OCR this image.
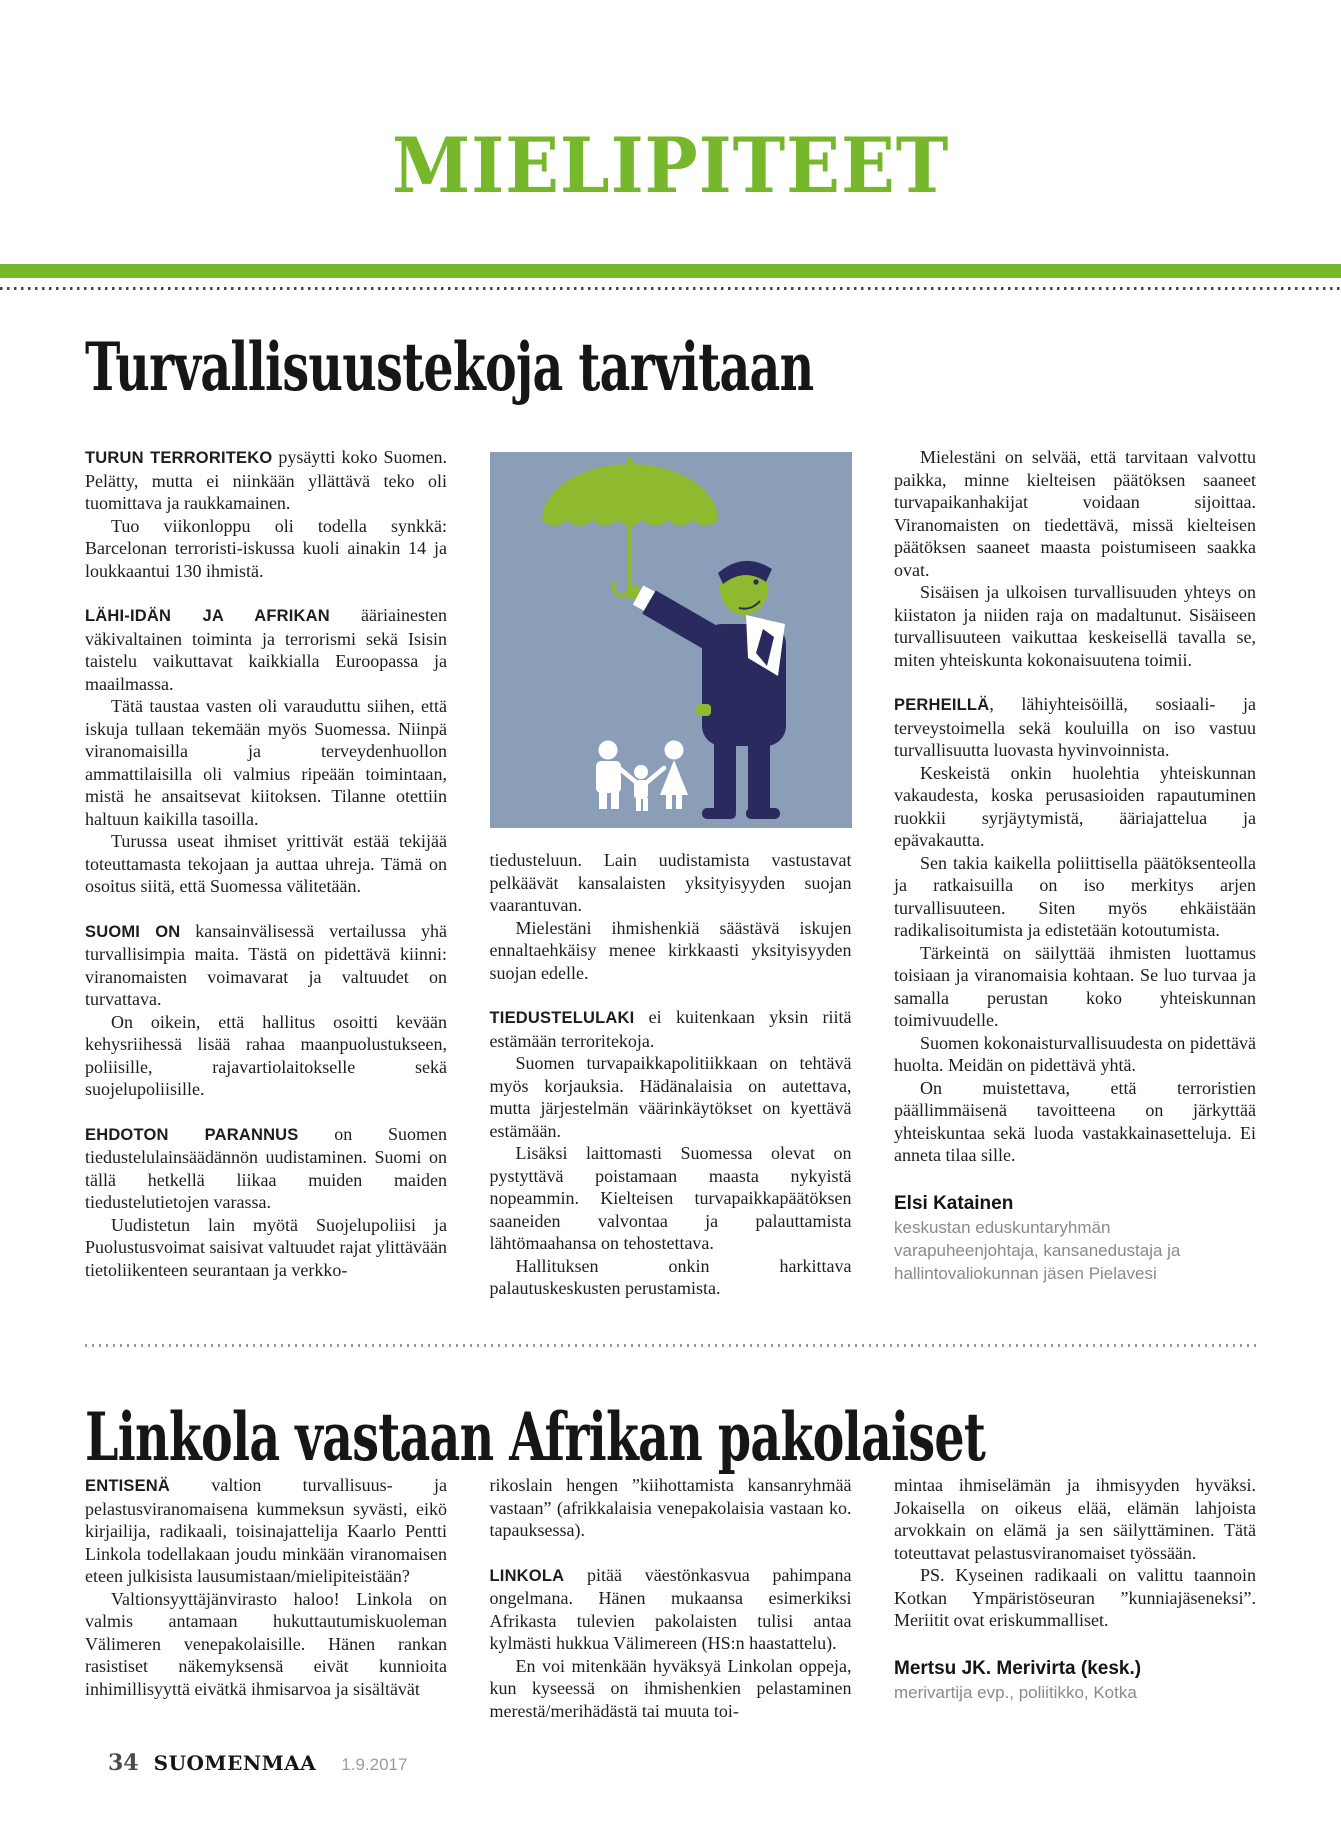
MIELIPITEET
Turvallisuustekoja tarvitaan

TURUN TERRORITEKO pysäytti koko Suomen. Pelätty, mutta ei niinkään yllättävä teko oli tuomittava ja raukkamainen.

Tuo viikonloppu oli todella synkkä: Barcelonan terroristi-iskussa kuoli ainakin 14 ja loukkaantui 130 ihmistä.

LÄHI-IDÄN JA AFRIKAN ääriainesten väkivaltainen toiminta ja terrorismi sekä Isisin taistelu vaikuttavat kaikkialla Euroopassa ja maailmassa.

Tätä taustaa vasten oli varauduttu siihen, että iskuja tullaan tekemään myös Suomessa. Niinpä viranomaisilla ja terveydenhuollon ammattilaisilla oli valmius ripeään toimintaan, mistä he ansaitsevat kiitoksen. Tilanne otettiin haltuun kaikilla tasoilla.

Turussa useat ihmiset yrittivät estää tekijää toteuttamasta tekojaan ja auttaa uhreja. Tämä on osoitus siitä, että Suomessa välitetään.

SUOMI ON kansainvälisessä vertailussa yhä turvallisimpia maita. Tästä on pidettävä kiinni: viranomaisten voimavarat ja valtuudet on turvattava.

On oikein, että hallitus osoitti kevään kehysriihessä lisää rahaa maanpuolustukseen, poliisille, rajavartiolaitokselle sekä suojelupoliisille.

EHDOTON PARANNUS on Suomen tiedustelulainsäädännön uudistaminen. Suomi on tällä hetkellä liikaa muiden maiden tiedustelutietojen varassa.

Uudistetun lain myötä Suojelupoliisi ja Puolustusvoimat saisivat valtuudet rajat ylittävään tietoliikenteen seurantaan ja verkko-

tiedusteluun. Lain uudistamista vastustavat pelkäävät kansalaisten yksityisyyden suojan vaarantuvan.

Mielestäni ihmishenkiä säästävä iskujen ennaltaehkäisy menee kirkkaasti yksityisyyden suojan edelle.

TIEDUSTELULAKI ei kuitenkaan yksin riitä estämään terroritekoja.

Suomen turvapaikkapolitiikkaan on tehtävä myös korjauksia. Hädänalaisia on autettava, mutta järjestelmän väärinkäytökset on kyettävä estämään.

Lisäksi laittomasti Suomessa olevat on pystyttävä poistamaan maasta nykyistä nopeammin. Kielteisen turvapaikkapäätöksen saaneiden valvontaa ja palauttamista lähtömaahansa on tehostettava.

Hallituksen onkin harkittava palautuskeskusten perustamista.

Mielestäni on selvää, että tarvitaan valvottu paikka, minne kielteisen päätöksen saaneet turvapaikanhakijat voidaan sijoittaa. Viranomaisten on tiedettävä, missä kielteisen päätöksen saaneet maasta poistumiseen saakka ovat.

Sisäisen ja ulkoisen turvallisuuden yhteys on kiistaton ja niiden raja on madaltunut. Sisäiseen turvallisuuteen vaikuttaa keskeisellä tavalla se, miten yhteiskunta kokonaisuutena toimii.

PERHEILLÄ, lähiyhteisöillä, sosiaali- ja terveystoimella sekä kouluilla on iso vastuu turvallisuutta luovasta hyvinvoinnista.

Keskeistä onkin huolehtia yhteiskunnan vakaudesta, koska perusasioiden rapautuminen ruokkii syrjäytymistä, ääriajattelua ja epävakautta.

Sen takia kaikella poliittisella päätöksenteolla ja ratkaisuilla on iso merkitys arjen turvallisuuteen. Siten myös ehkäistään radikalisoitumista ja edistetään kotoutumista.

Tärkeintä on säilyttää ihmisten luottamus toisiaan ja viranomaisia kohtaan. Se luo turvaa ja samalla perustan koko yhteiskunnan toimivuudelle.

Suomen kokonaisturvallisuudesta on pidettävä huolta. Meidän on pidettävä yhtä.

On muistettava, että terroristien päällimmäisenä tavoitteena on järkyttää yhteiskuntaa sekä luoda vastakkainasetteluja. Ei anneta tilaa sille.

Elsi Katainen
keskustan eduskuntaryhmän varapuheenjohtaja, kansanedustaja ja hallintovaliokunnan jäsen Pielavesi
Linkola vastaan Afrikan pakolaiset

ENTISENÄ valtion turvallisuus- ja pelastusviranomaisena kummeksun syvästi, eikö kirjailija, radikaali, toisinajattelija Kaarlo Pentti Linkola todellakaan joudu minkään viranomaisen eteen julkisista lausumistaan/mielipiteistään?

Valtionsyyttäjänvirasto haloo! Linkola on valmis antamaan hukuttautumiskuoleman Välimeren venepakolaisille. Hänen rankan rasistiset näkemyksensä eivät kunnioita inhimillisyyttä eivätkä ihmisarvoa ja sisältävät

rikoslain hengen ”kiihottamista kansanryhmää vastaan” (afrikkalaisia venepakolaisia vastaan ko. tapauksessa).

LINKOLA pitää väestönkasvua pahimpana ongelmana. Hänen mukaansa esimerkiksi Afrikasta tulevien pakolaisten tulisi antaa kylmästi hukkua Välimereen (HS:n haastattelu).

En voi mitenkään hyväksyä Linkolan oppeja, kun kyseessä on ihmishenkien pelastaminen merestä/merihädästä tai muuta toi-

mintaa ihmiselämän ja ihmisyyden hyväksi. Jokaisella on oikeus elää, elämän lahjoista arvokkain on elämä ja sen säilyttäminen. Tätä toteuttavat pelastusviranomaiset työssään.

PS. Kyseinen radikaali on valittu taannoin Kotkan Ympäristöseuran ”kunniajäseneksi”. Meriitit ovat eriskummalliset.

Mertsu JK. Merivirta (kesk.)
merivartija evp., poliitikko, Kotka
34 SUOMENMAA 1.9.2017
